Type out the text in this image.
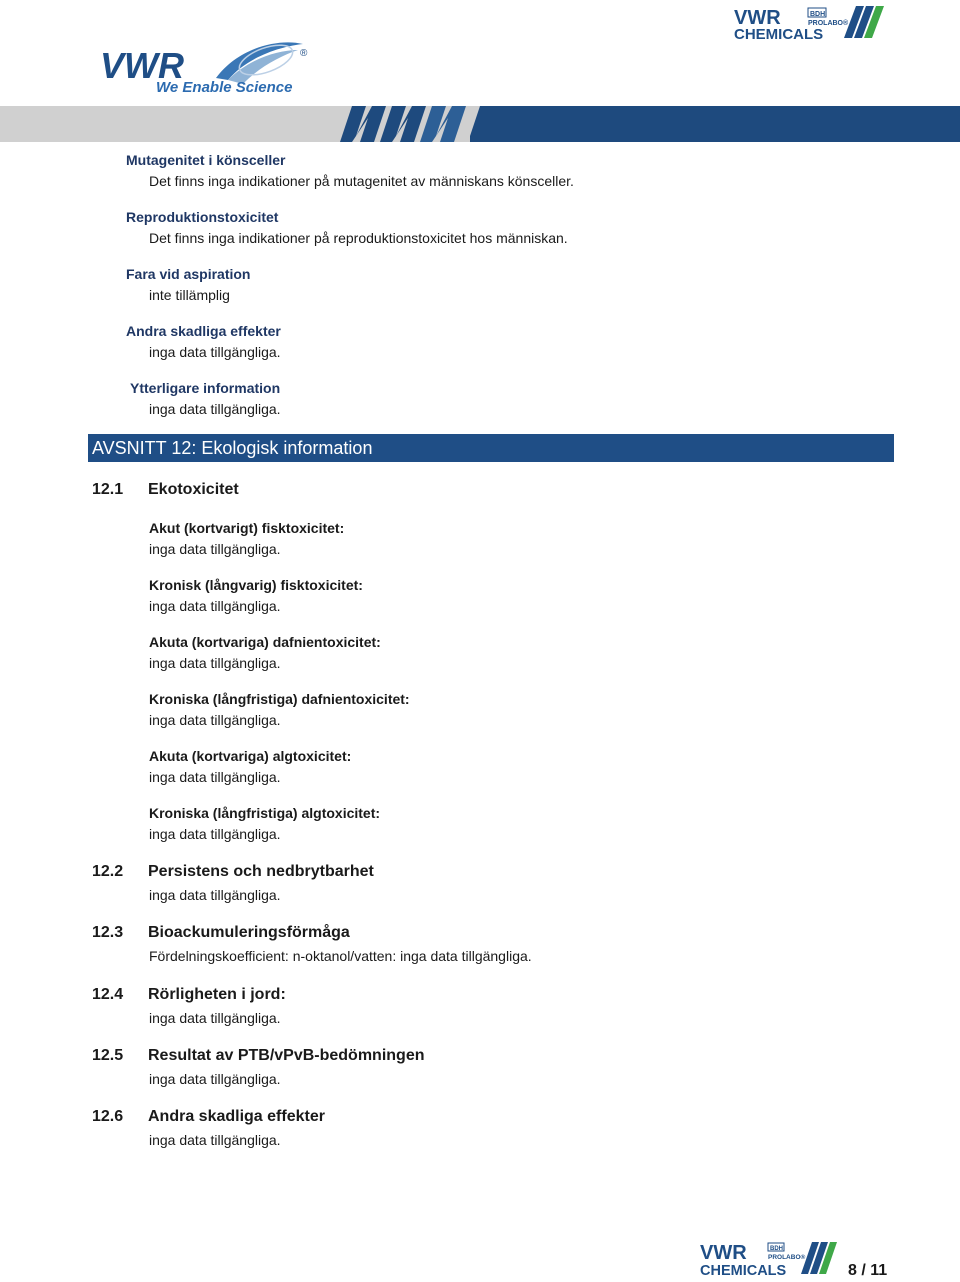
VWR	®
We Enable Science
VWR	BDH
PROLABO®
CHEMICALS
Mutagenitet i könsceller
Det finns inga indikationer på mutagenitet av människans könsceller.
Reproduktionstoxicitet
Det finns inga indikationer på reproduktionstoxicitet hos människan.
Fara vid aspiration
inte tillämplig
Andra skadliga effekter
inga data tillgängliga.
Ytterligare information
inga data tillgängliga.
AVSNITT 12: Ekologisk information
12.1 Ekotoxicitet
Akut (kortvarigt) fisktoxicitet:
inga data tillgängliga.
Kronisk (långvarig) fisktoxicitet:
inga data tillgängliga.
Akuta (kortvariga) dafnientoxicitet:
inga data tillgängliga.
Kroniska (långfristiga) dafnientoxicitet:
inga data tillgängliga.
Akuta (kortvariga) algtoxicitet:
inga data tillgängliga.
Kroniska (långfristiga) algtoxicitet:
inga data tillgängliga.
12.2 Persistens och nedbrytbarhet
inga data tillgängliga.
12.3 Bioackumuleringsförmåga
Fördelningskoefficient: n-oktanol/vatten: inga data tillgängliga.
12.4 Rörligheten i jord:
inga data tillgängliga.
12.5 Resultat av PTB/vPvB-bedömningen
inga data tillgängliga.
12.6 Andra skadliga effekter
inga data tillgängliga.
VWR	BDH
PROLABO®
CHEMICALS	8 / 11
